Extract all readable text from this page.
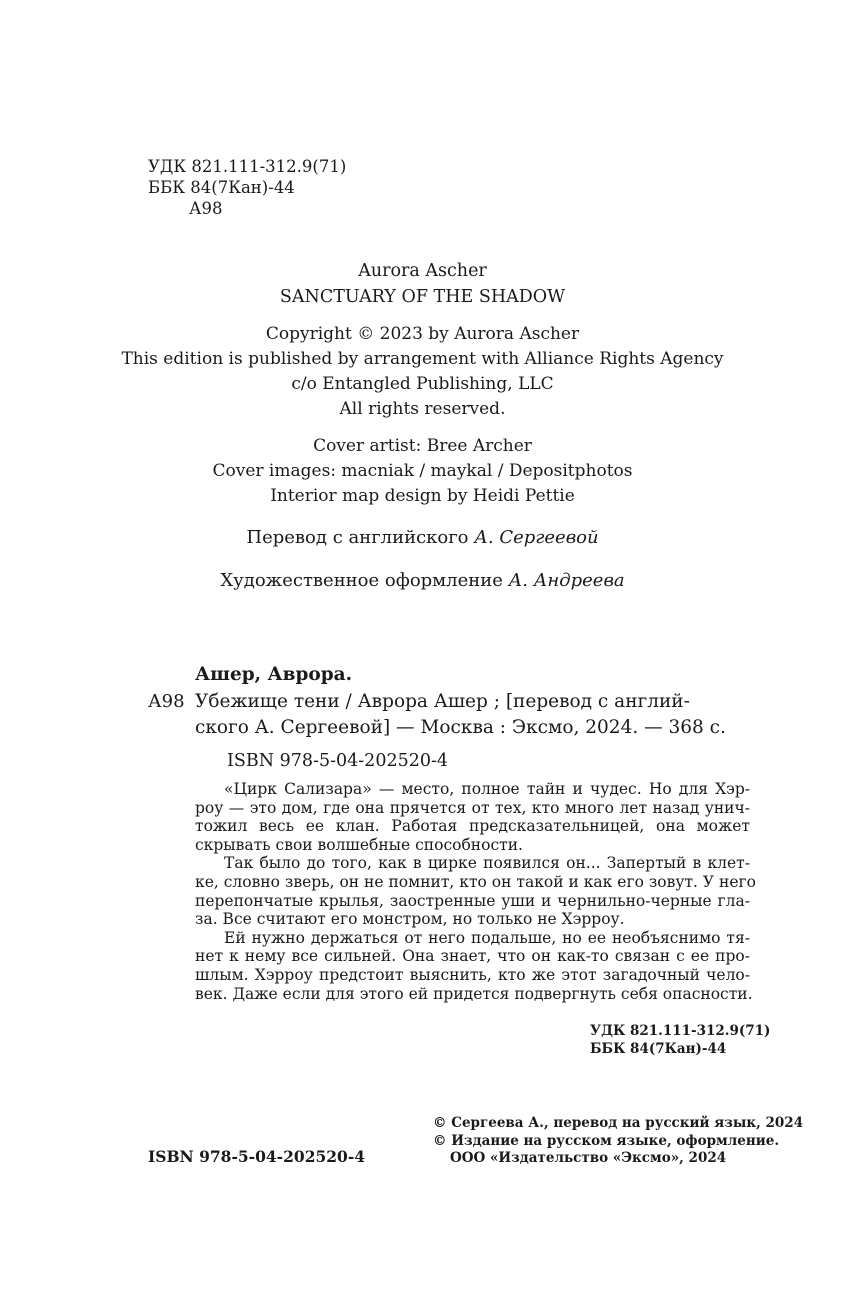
УДК 821.111-312.9(71)
ББК 84(7Кан)-44
А98
Aurora Ascher
SANCTUARY OF THE SHADOW
Copyright © 2023 by Aurora Ascher
This edition is published by arrangement with Alliance Rights Agency
c/o Entangled Publishing, LLC
All rights reserved.
Cover artist: Bree Archer
Cover images: macniak / maykal / Depositphotos
Interior map design by Heidi Pettie
Перевод с английского А. Сергеевой
Художественное оформление А. Андреева
Ашер, Аврора.
А98 Убежище тени / Аврора Ашер ; [перевод с англий-
ского А. Сергеевой] — Москва : Эксмо, 2024. — 368 с.
ISBN 978-5-04-202520-4
«Цирк Сализара» — место, полное тайн и чудес. Но для Хэр-
роу — это дом, где она прячется от тех, кто много лет назад унич-
тожил весь ее клан. Работая предсказательницей, она может
скрывать свои волшебные способности.
Так было до того, как в цирке появился он... Запертый в клет-
ке, словно зверь, он не помнит, кто он такой и как его зовут. У него
перепончатые крылья, заостренные уши и чернильно-черные гла-
за. Все считают его монстром, но только не Хэрроу.
Ей нужно держаться от него подальше, но ее необъяснимо тя-
нет к нему все сильней. Она знает, что он как-то связан с ее про-
шлым. Хэрроу предстоит выяснить, кто же этот загадочный чело-
век. Даже если для этого ей придется подвергнуть себя опасности.
УДК 821.111-312.9(71)
ББК 84(7Кан)-44
© Сергеева А., перевод на русский язык, 2024
© Издание на русском языке, оформление.
ООО «Издательство «Эксмо», 2024
ISBN 978-5-04-202520-4
